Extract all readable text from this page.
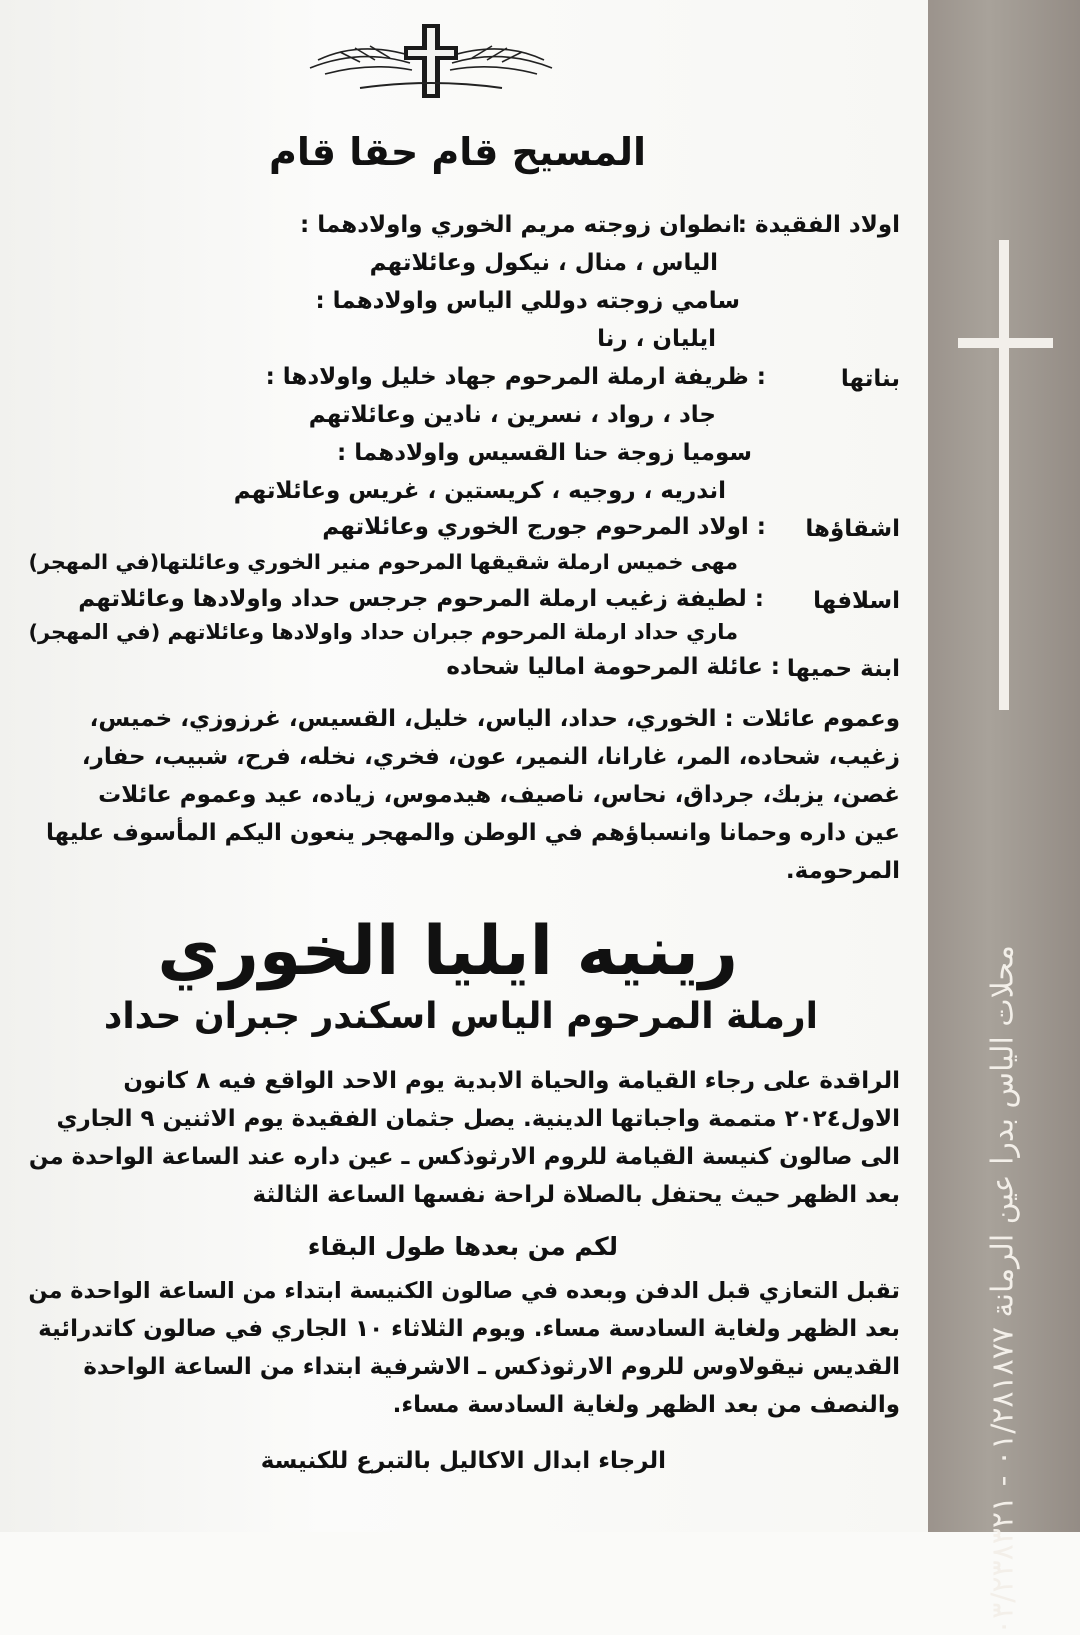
محلات الياس بدرا عين الرمانة ٠١/٢٨١٨٧٧ - ٠٣/٢٣٨٣٢١
المسيح قام حقا قام
اولاد الفقيدة :
انطوان زوجته مريم الخوري واولادهما :
الياس ، منال ، نيكول وعائلاتهم
سامي زوجته دوللي الياس واولادهما :
ايليان ، رنا
بناتها
: ظريفة ارملة المرحوم جهاد خليل واولادها :
جاد ، رواد ، نسرين ، نادين وعائلاتهم
سوميا زوجة حنا القسيس واولادهما :
اندريه ، روجيه ، كريستين ، غريس وعائلاتهم
اشقاؤها
: اولاد المرحوم جورج الخوري وعائلاتهم
مهى خميس ارملة شقيقها المرحوم منير الخوري وعائلتها(في المهجر)
اسلافها
: لطيفة زغيب ارملة المرحوم جرجس حداد واولادها وعائلاتهم
ماري حداد ارملة المرحوم جبران حداد واولادها وعائلاتهم (في المهجر)
ابنة حميها
: عائلة المرحومة اماليا شحاده
وعموم عائلات : الخوري، حداد، الياس، خليل، القسيس، غرزوزي، خميس،
زغيب، شحاده، المر، غارانا، النمير، عون، فخري، نخله، فرح، شبيب، حفار،
غصن، يزبك، جرداق، نحاس، ناصيف، هيدموس، زياده، عيد وعموم عائلات
عين داره وحمانا وانسباؤهم في الوطن والمهجر ينعون اليكم المأسوف عليها
المرحومة.
رينيه ايليا الخوري
ارملة المرحوم الياس اسكندر جبران حداد
الراقدة على رجاء القيامة والحياة الابدية يوم الاحد الواقع فيه ٨ كانون
الاول٢٠٢٤ متممة واجباتها الدينية. يصل جثمان الفقيدة يوم الاثنين ٩ الجاري
الى صالون كنيسة القيامة للروم الارثوذكس ـ عين داره عند الساعة الواحدة من
بعد الظهر حيث يحتفل بالصلاة لراحة نفسها الساعة الثالثة
لكم من بعدها طول البقاء
تقبل التعازي قبل الدفن وبعده في صالون الكنيسة ابتداء من الساعة الواحدة من
بعد الظهر ولغاية السادسة مساء. ويوم الثلاثاء ١٠ الجاري في صالون كاتدرائية
القديس نيقولاوس للروم الارثوذكس ـ الاشرفية ابتداء من الساعة الواحدة
والنصف من بعد الظهر ولغاية السادسة مساء.
الرجاء ابدال الاكاليل بالتبرع للكنيسة
